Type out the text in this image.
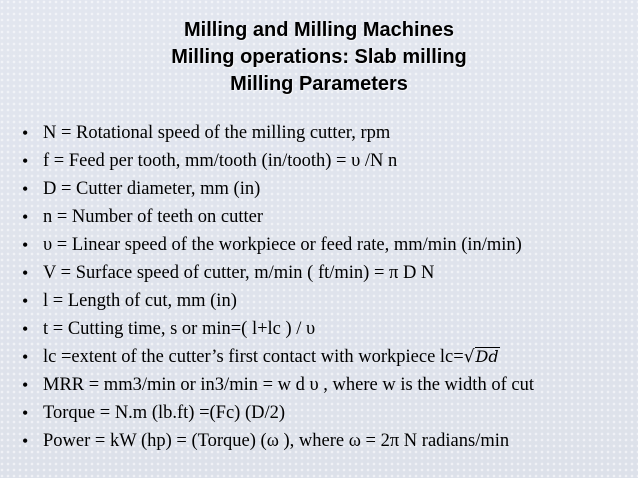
Milling and Milling Machines
Milling operations: Slab milling
Milling Parameters
• N = Rotational speed of the milling cutter, rpm
• f = Feed per tooth, mm/tooth (in/tooth) = υ /N n
• D = Cutter diameter, mm (in)
• n = Number of teeth on cutter
• υ = Linear speed of the workpiece or feed rate, mm/min (in/min)
• V = Surface speed of cutter, m/min ( ft/min) = π D N
• l = Length of cut, mm (in)
• t = Cutting time, s or min=( l+lc ) / υ
• lc =extent of the cutter’s first contact with workpiece lc=√Dd
• MRR = mm3/min or in3/min = w d υ , where w is the width of cut
• Torque = N.m (lb.ft) =(Fc) (D/2)
• Power = kW (hp) = (Torque) (ω ), where ω = 2π N radians/min
